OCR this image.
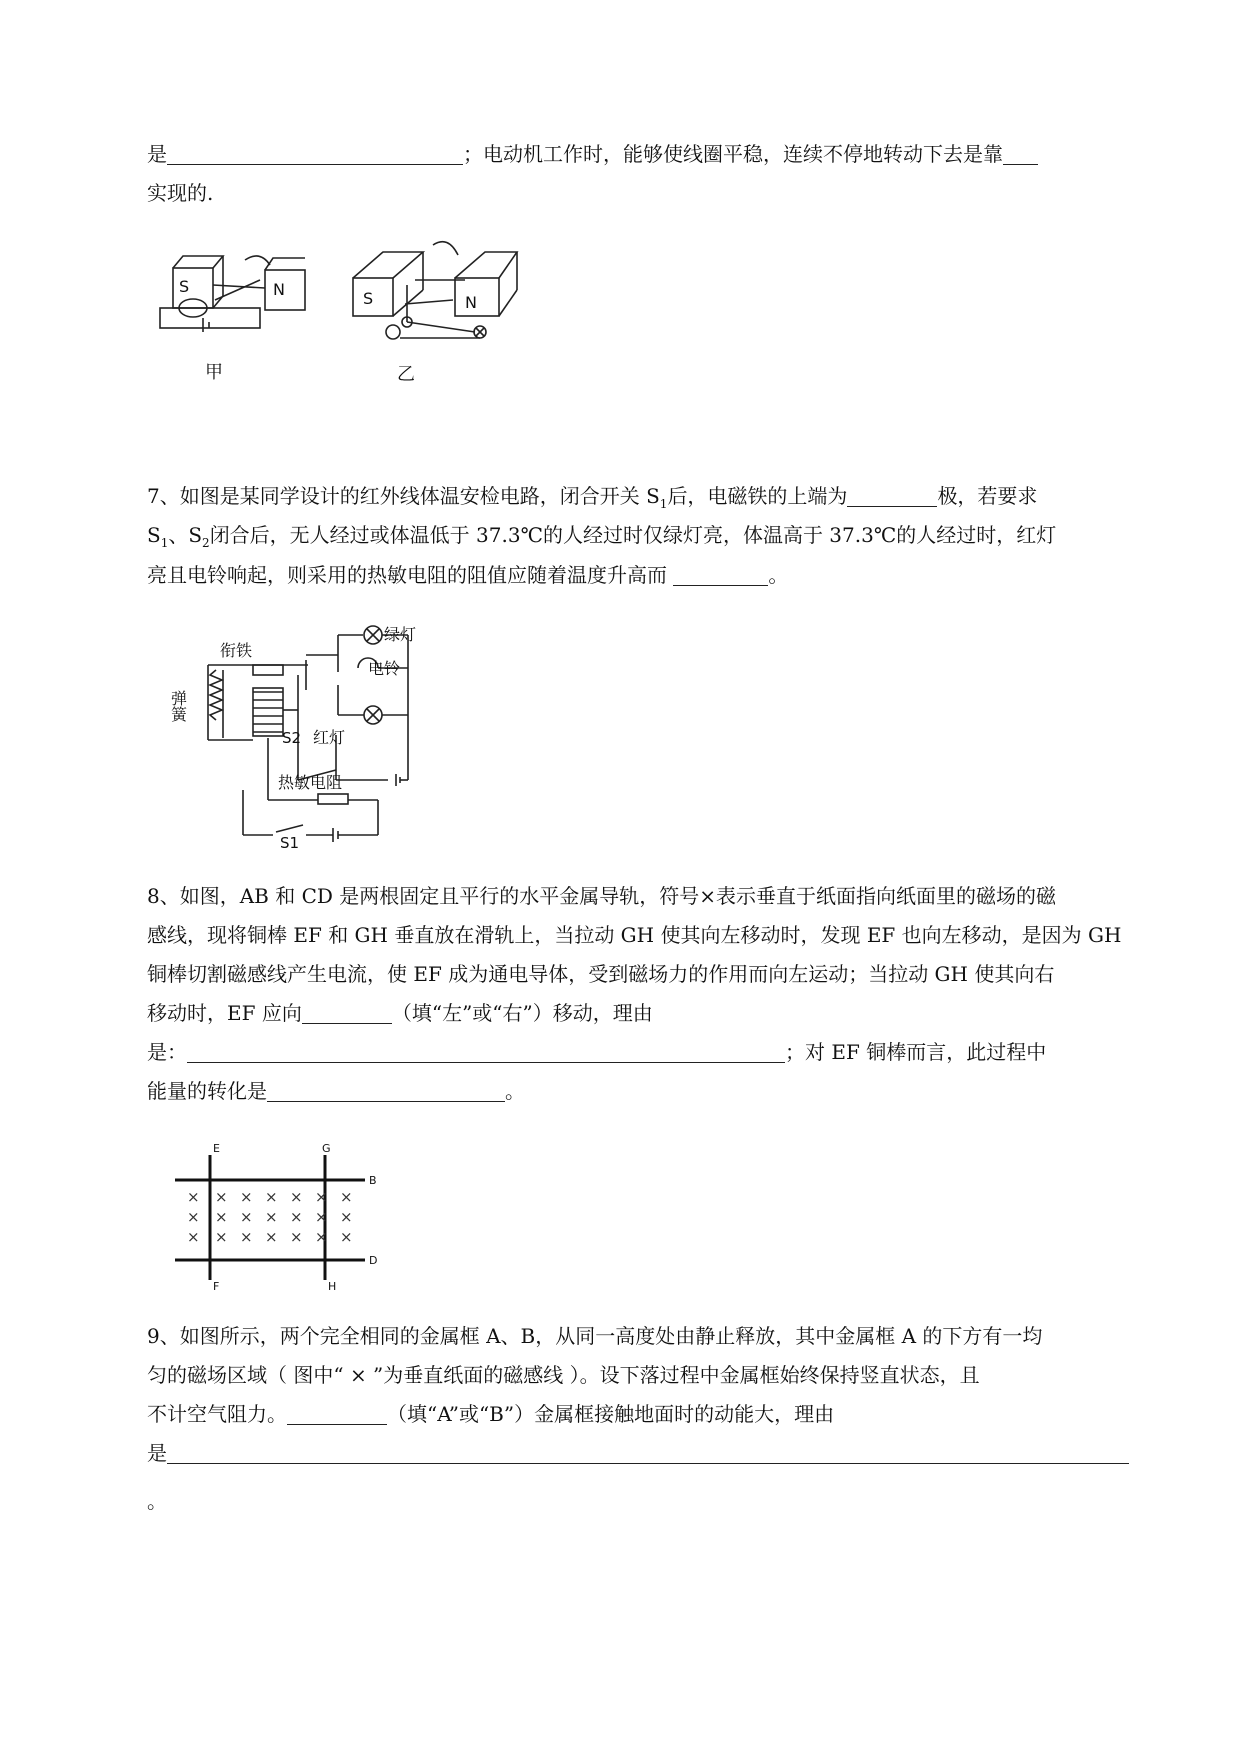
是	；电动机工作时，能够使线圈平稳，连续不停地转动下去是靠
实现的.
S	N
甲
S	N
乙
7、如图是某同学设计的红外线体温安检电路，闭合开关 $S_1$后，电磁铁的上端为	极，若要求
$S_1$、$S_2$闭合后，无人经过或体温低于 37.3℃的人经过时仅绿灯亮，体温高于 37.3℃的人经过时，红灯
亮且电铃响起，则采用的热敏电阻的阻值应随着温度升高而	。
衔铁
弹簧
绿灯
电铃
红灯
S2
热敏电阻
S1
8、如图，AB 和 CD 是两根固定且平行的水平金属导轨，符号×表示垂直于纸面指向纸面里的磁场的磁
感线，现将铜棒 EF 和 GH 垂直放在滑轨上，当拉动 GH 使其向左移动时，发现 EF 也向左移动，是因为 GH
铜棒切割磁感线产生电流，使 EF 成为通电导体，受到磁场力的作用而向左运动；当拉动 GH 使其向右
移动时，EF 应向	（填“左”或“右”）移动，理由
是：	；对 EF 铜棒而言，此过程中
能量的转化是	。
× × × × × × ×
× × × × × × ×
× × × × × × ×
E
F
G
H
B
D
9、如图所示，两个完全相同的金属框 A、B，从同一高度处由静止释放，其中金属框 A 的下方有一均
匀的磁场区域（ 图中“ × ”为垂直纸面的磁感线 ）。设下落过程中金属框始终保持竖直状态，且
不计空气阻力。	（填“A”或“B”）金属框接触地面时的动能大，理由
是
。
